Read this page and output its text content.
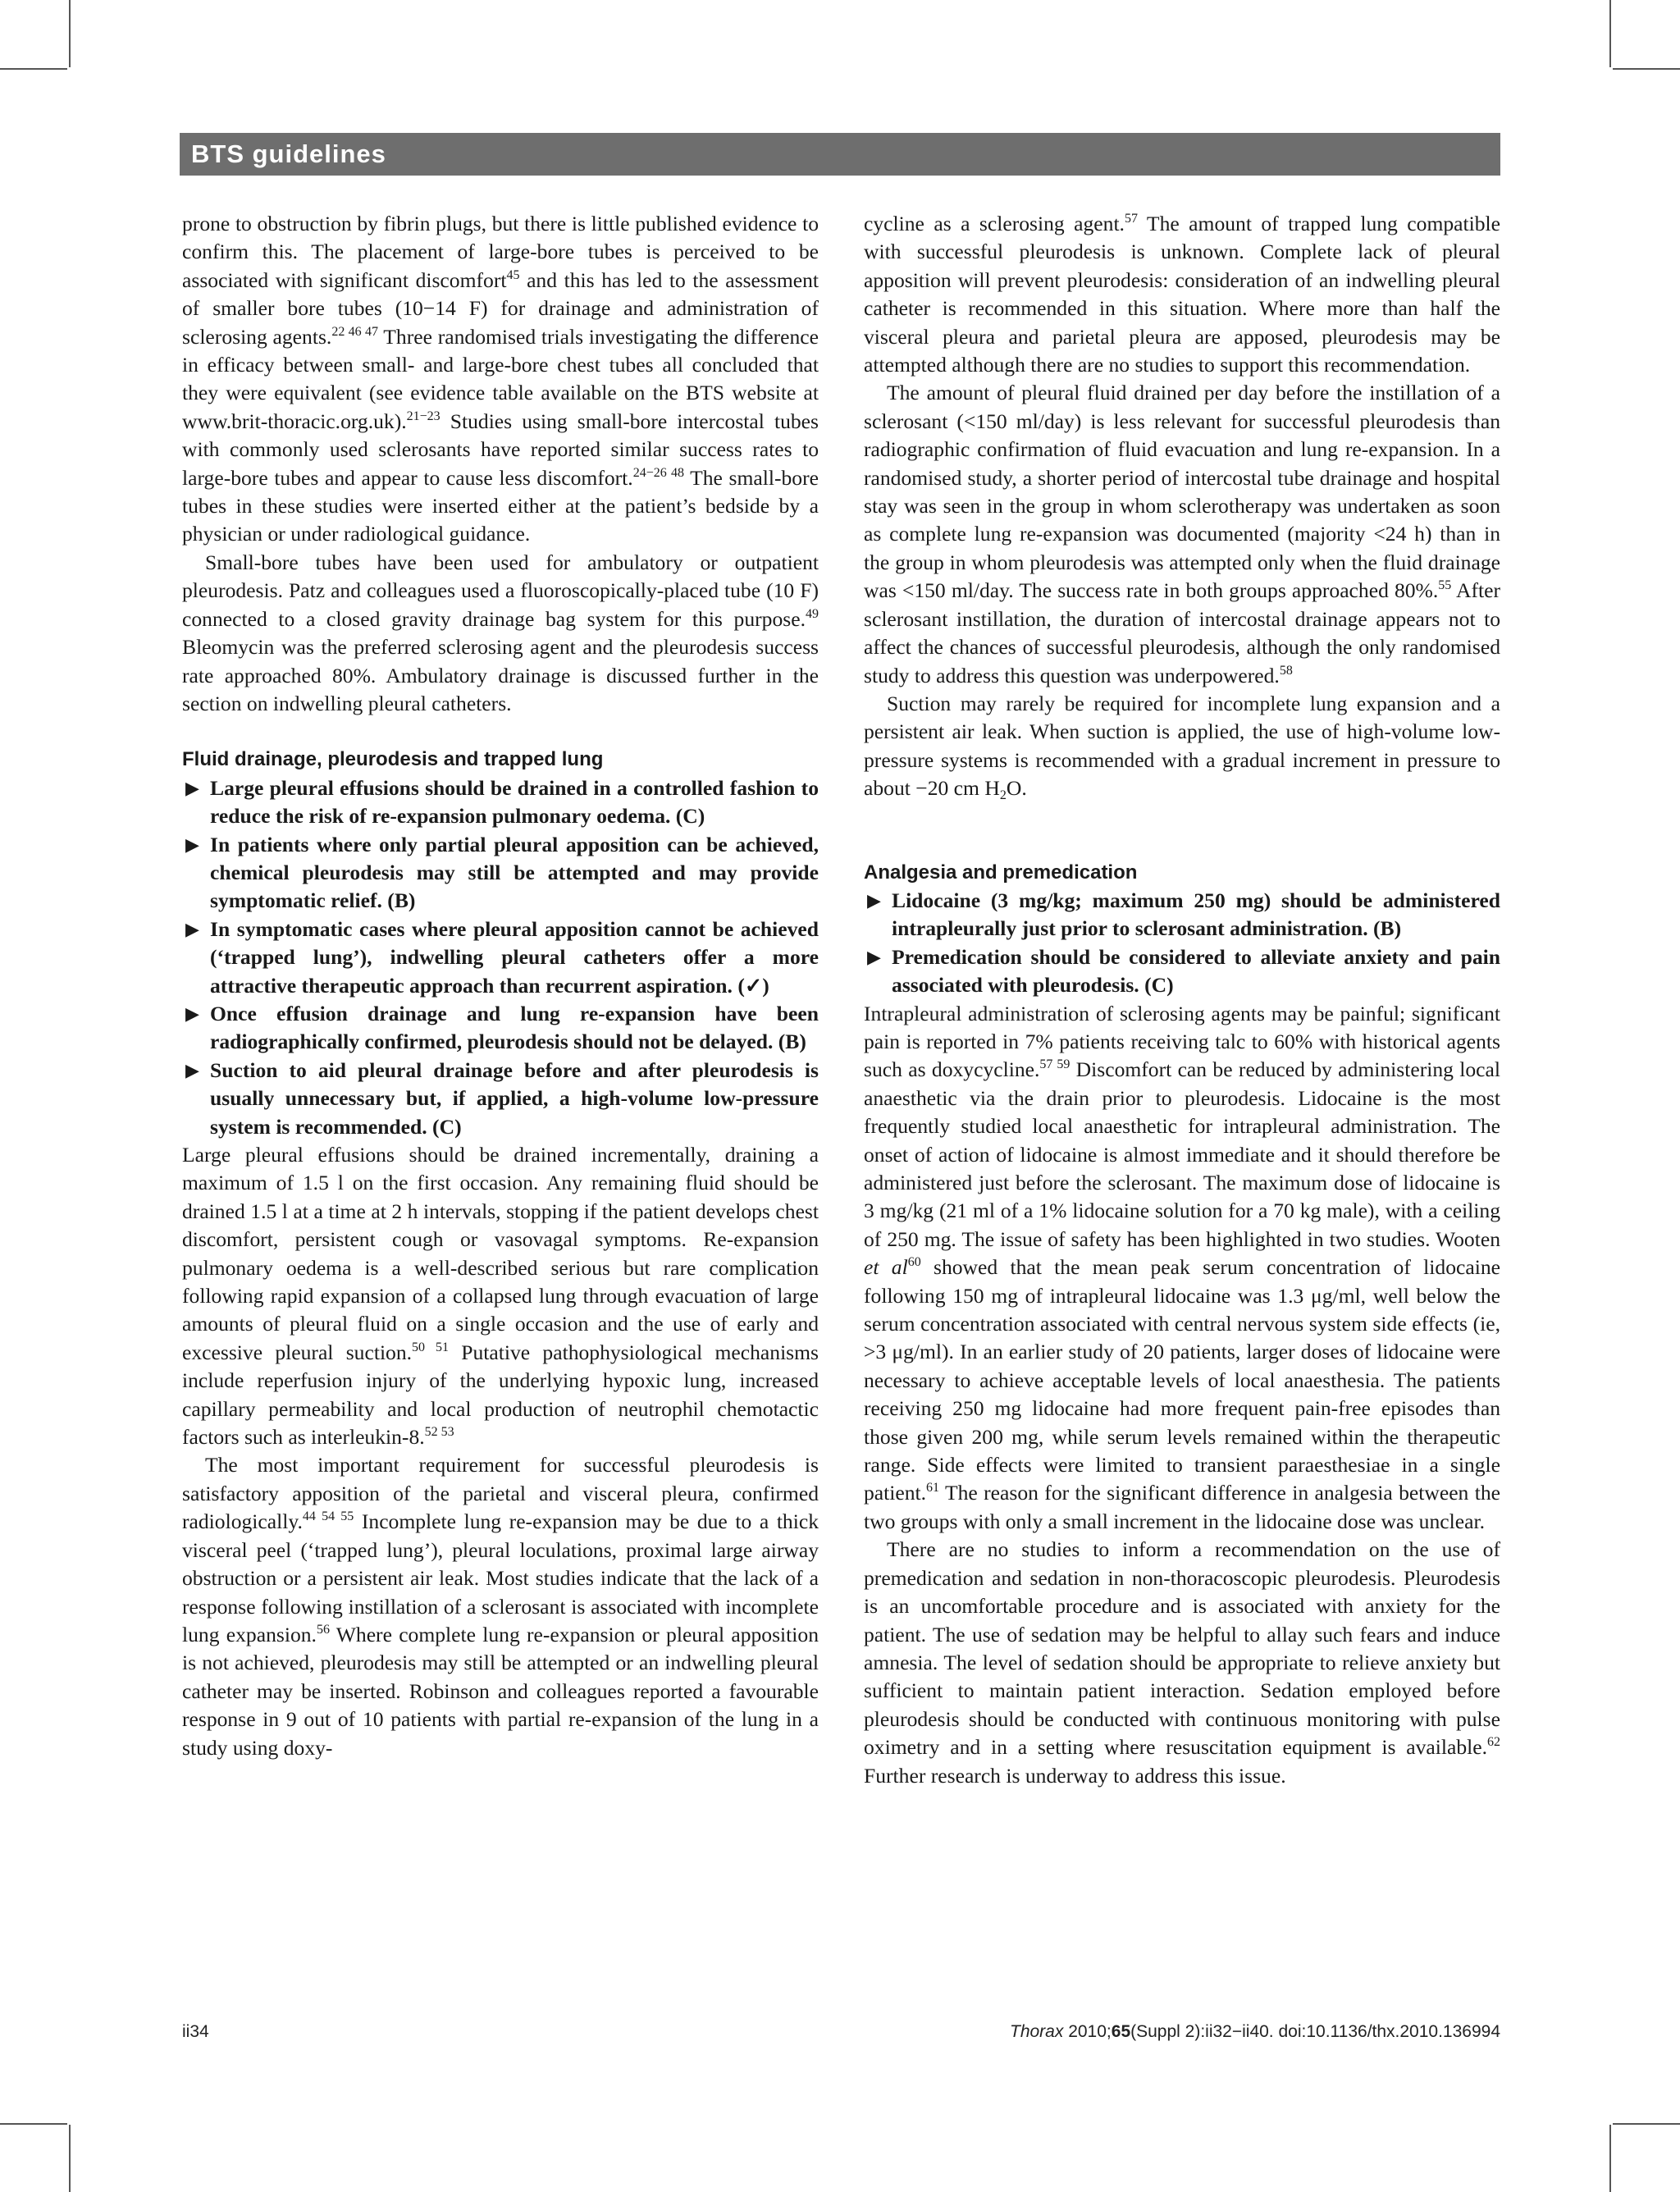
BTS guidelines

prone to obstruction by fibrin plugs, but there is little published evidence to confirm this. The placement of large-bore tubes is perceived to be associated with significant discomfort$^{45}$ and this has led to the assessment of smaller bore tubes (10−14 F) for drainage and administration of sclerosing agents.$^{22 46 47}$ Three randomised trials investigating the difference in efficacy between small- and large-bore chest tubes all concluded that they were equivalent (see evidence table available on the BTS website at www.brit-thoracic.org.uk).$^{21-23}$ Studies using small-bore intercostal tubes with commonly used sclerosants have reported similar success rates to large-bore tubes and appear to cause less discomfort.$^{24-26 48}$ The small-bore tubes in these studies were inserted either at the patient’s bedside by a physician or under radiological guidance.

Small-bore tubes have been used for ambulatory or outpatient pleurodesis. Patz and colleagues used a fluoroscopically-placed tube (10 F) connected to a closed gravity drainage bag system for this purpose.$^{49}$ Bleomycin was the preferred sclerosing agent and the pleurodesis success rate approached 80%. Ambulatory drainage is discussed further in the section on indwelling pleural catheters.

Fluid drainage, pleurodesis and trapped lung
▶ Large pleural effusions should be drained in a controlled fashion to reduce the risk of re-expansion pulmonary oedema. (C)
▶ In patients where only partial pleural apposition can be achieved, chemical pleurodesis may still be attempted and may provide symptomatic relief. (B)
▶ In symptomatic cases where pleural apposition cannot be achieved (‘trapped lung’), indwelling pleural catheters offer a more attractive therapeutic approach than recurrent aspiration. (✓)
▶ Once effusion drainage and lung re-expansion have been radiographically confirmed, pleurodesis should not be delayed. (B)
▶ Suction to aid pleural drainage before and after pleurodesis is usually unnecessary but, if applied, a high-volume low-pressure system is recommended. (C)

Large pleural effusions should be drained incrementally, draining a maximum of 1.5 l on the first occasion. Any remaining fluid should be drained 1.5 l at a time at 2 h intervals, stopping if the patient develops chest discomfort, persistent cough or vasovagal symptoms. Re-expansion pulmonary oedema is a well-described serious but rare complication following rapid expansion of a collapsed lung through evacuation of large amounts of pleural fluid on a single occasion and the use of early and excessive pleural suction.$^{50 51}$ Putative pathophysiological mechanisms include reperfusion injury of the underlying hypoxic lung, increased capillary permeability and local production of neutrophil chemotactic factors such as interleukin-8.$^{52 53}$

The most important requirement for successful pleurodesis is satisfactory apposition of the parietal and visceral pleura, confirmed radiologically.$^{44 54 55}$ Incomplete lung re-expansion may be due to a thick visceral peel (‘trapped lung’), pleural loculations, proximal large airway obstruction or a persistent air leak. Most studies indicate that the lack of a response following instillation of a sclerosant is associated with incomplete lung expansion.$^{56}$ Where complete lung re-expansion or pleural apposition is not achieved, pleurodesis may still be attempted or an indwelling pleural catheter may be inserted. Robinson and colleagues reported a favourable response in 9 out of 10 patients with partial re-expansion of the lung in a study using doxy-

cycline as a sclerosing agent.$^{57}$ The amount of trapped lung compatible with successful pleurodesis is unknown. Complete lack of pleural apposition will prevent pleurodesis: consideration of an indwelling pleural catheter is recommended in this situation. Where more than half the visceral pleura and parietal pleura are apposed, pleurodesis may be attempted although there are no studies to support this recommendation.

The amount of pleural fluid drained per day before the instillation of a sclerosant (<150 ml/day) is less relevant for successful pleurodesis than radiographic confirmation of fluid evacuation and lung re-expansion. In a randomised study, a shorter period of intercostal tube drainage and hospital stay was seen in the group in whom sclerotherapy was undertaken as soon as complete lung re-expansion was documented (majority <24 h) than in the group in whom pleurodesis was attempted only when the fluid drainage was <150 ml/day. The success rate in both groups approached 80%.$^{55}$ After sclerosant instillation, the duration of intercostal drainage appears not to affect the chances of successful pleurodesis, although the only randomised study to address this question was underpowered.$^{58}$

Suction may rarely be required for incomplete lung expansion and a persistent air leak. When suction is applied, the use of high-volume low-pressure systems is recommended with a gradual increment in pressure to about −20 cm $H_2O$.

Analgesia and premedication
▶ Lidocaine (3 mg/kg; maximum 250 mg) should be administered intrapleurally just prior to sclerosant administration. (B)
▶ Premedication should be considered to alleviate anxiety and pain associated with pleurodesis. (C)

Intrapleural administration of sclerosing agents may be painful; significant pain is reported in 7% patients receiving talc to 60% with historical agents such as doxycycline.$^{57 59}$ Discomfort can be reduced by administering local anaesthetic via the drain prior to pleurodesis. Lidocaine is the most frequently studied local anaesthetic for intrapleural administration. The onset of action of lidocaine is almost immediate and it should therefore be administered just before the sclerosant. The maximum dose of lidocaine is 3 mg/kg (21 ml of a 1% lidocaine solution for a 70 kg male), with a ceiling of 250 mg. The issue of safety has been highlighted in two studies. Wooten et $al^{60}$ showed that the mean peak serum concentration of lidocaine following 150 mg of intrapleural lidocaine was 1.3 μg/ml, well below the serum concentration associated with central nervous system side effects (ie, >3 μg/ml). In an earlier study of 20 patients, larger doses of lidocaine were necessary to achieve acceptable levels of local anaesthesia. The patients receiving 250 mg lidocaine had more frequent pain-free episodes than those given 200 mg, while serum levels remained within the therapeutic range. Side effects were limited to transient paraesthesiae in a single patient.$^{61}$ The reason for the significant difference in analgesia between the two groups with only a small increment in the lidocaine dose was unclear.

There are no studies to inform a recommendation on the use of premedication and sedation in non-thoracoscopic pleurodesis. Pleurodesis is an uncomfortable procedure and is associated with anxiety for the patient. The use of sedation may be helpful to allay such fears and induce amnesia. The level of sedation should be appropriate to relieve anxiety but sufficient to maintain patient interaction. Sedation employed before pleurodesis should be conducted with continuous monitoring with pulse oximetry and in a setting where resuscitation equipment is available.$^{62}$ Further research is underway to address this issue.

ii34	Thorax 2010;65(Suppl 2):ii32−ii40. doi:10.1136/thx.2010.136994
